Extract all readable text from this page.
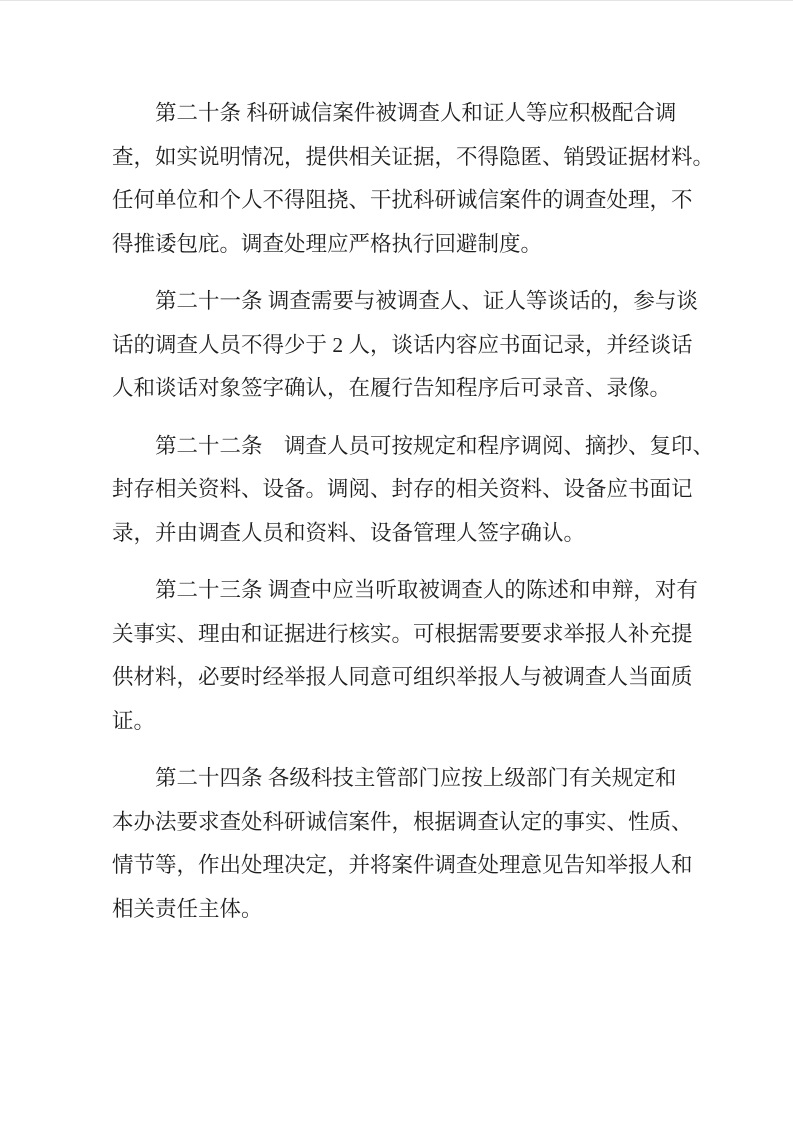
第二十条 科研诚信案件被调查人和证人等应积极配合调
查，如实说明情况，提供相关证据，不得隐匿、销毁证据材料。
任何单位和个人不得阻挠、干扰科研诚信案件的调查处理，不
得推诿包庇。调查处理应严格执行回避制度。
第二十一条 调查需要与被调查人、证人等谈话的，参与谈
话的调查人员不得少于 2 人，谈话内容应书面记录，并经谈话
人和谈话对象签字确认，在履行告知程序后可录音、录像。
第二十二条　调查人员可按规定和程序调阅、摘抄、复印、
封存相关资料、设备。调阅、封存的相关资料、设备应书面记
录，并由调查人员和资料、设备管理人签字确认。
第二十三条 调查中应当听取被调查人的陈述和申辩，对有
关事实、理由和证据进行核实。可根据需要要求举报人补充提
供材料，必要时经举报人同意可组织举报人与被调查人当面质
证。
第二十四条 各级科技主管部门应按上级部门有关规定和
本办法要求查处科研诚信案件，根据调查认定的事实、性质、
情节等，作出处理决定，并将案件调查处理意见告知举报人和
相关责任主体。
